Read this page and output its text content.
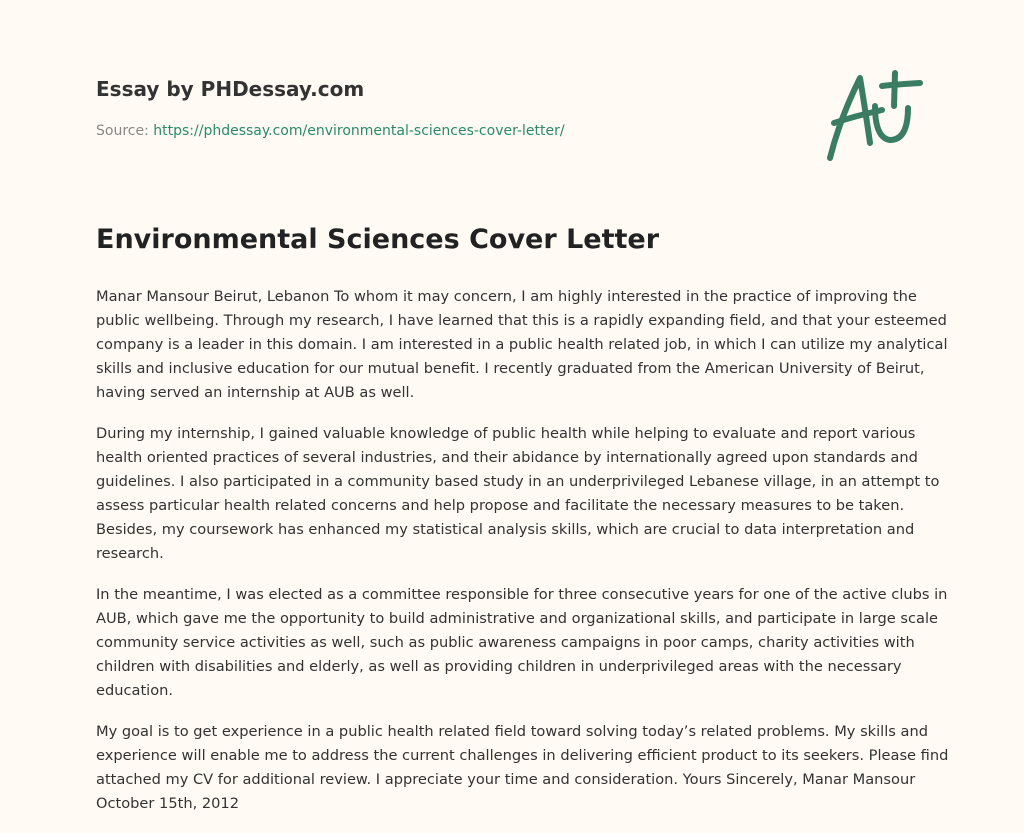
Essay by PHDessay.com
Source: https://phdessay.com/environmental-sciences-cover-letter/
Environmental Sciences Cover Letter

Manar Mansour Beirut, Lebanon To whom it may concern, I am highly interested in the practice of improving the public wellbeing. Through my research, I have learned that this is a rapidly expanding field, and that your esteemed company is a leader in this domain. I am interested in a public health related job, in which I can utilize my analytical skills and inclusive education for our mutual benefit. I recently graduated from the American University of Beirut, having served an internship at AUB as well.

During my internship, I gained valuable knowledge of public health while helping to evaluate and report various health oriented practices of several industries, and their abidance by internationally agreed upon standards and guidelines. I also participated in a community based study in an underprivileged Lebanese village, in an attempt to assess particular health related concerns and help propose and facilitate the necessary measures to be taken. Besides, my coursework has enhanced my statistical analysis skills, which are crucial to data interpretation and research.

In the meantime, I was elected as a committee responsible for three consecutive years for one of the active clubs in AUB, which gave me the opportunity to build administrative and organizational skills, and participate in large scale community service activities as well, such as public awareness campaigns in poor camps, charity activities with children with disabilities and elderly, as well as providing children in underprivileged areas with the necessary education.

My goal is to get experience in a public health related field toward solving today’s related problems. My skills and experience will enable me to address the current challenges in delivering efficient product to its seekers. Please find attached my CV for additional review. I appreciate your time and consideration. Yours Sincerely, Manar Mansour October 15th, 2012
